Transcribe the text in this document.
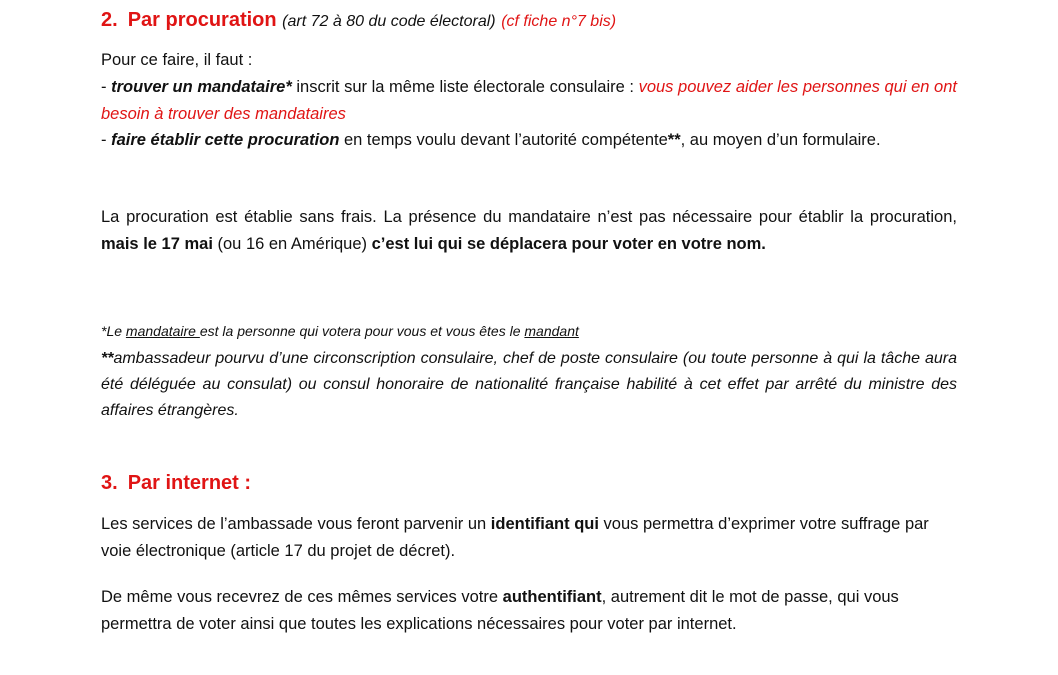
2. Par procuration (art 72 à 80 du code électoral) (cf fiche n°7 bis)

Pour ce faire, il faut :

- trouver un mandataire* inscrit sur la même liste électorale consulaire : vous pouvez aider les personnes qui en ont besoin à trouver des mandataires

- faire établir cette procuration en temps voulu devant l’autorité compétente**, au moyen d’un formulaire.

La procuration est établie sans frais. La présence du mandataire n’est pas nécessaire pour établir la procuration, mais le 17 mai (ou 16 en Amérique) c’est lui qui se déplacera pour voter en votre nom.

*Le mandataire est la personne qui votera pour vous et vous êtes le mandant

**ambassadeur pourvu d’une circonscription consulaire, chef de poste consulaire (ou toute personne à qui la tâche aura été déléguée au consulat) ou consul honoraire de nationalité française habilité à cet effet par arrêté du ministre des affaires étrangères.

3. Par internet :

Les services de l’ambassade vous feront parvenir un identifiant qui vous permettra d’exprimer votre suffrage par voie électronique (article 17 du projet de décret).

De même vous recevrez de ces mêmes services votre authentifiant, autrement dit le mot de passe, qui vous permettra de voter ainsi que toutes les explications nécessaires pour voter par internet.
